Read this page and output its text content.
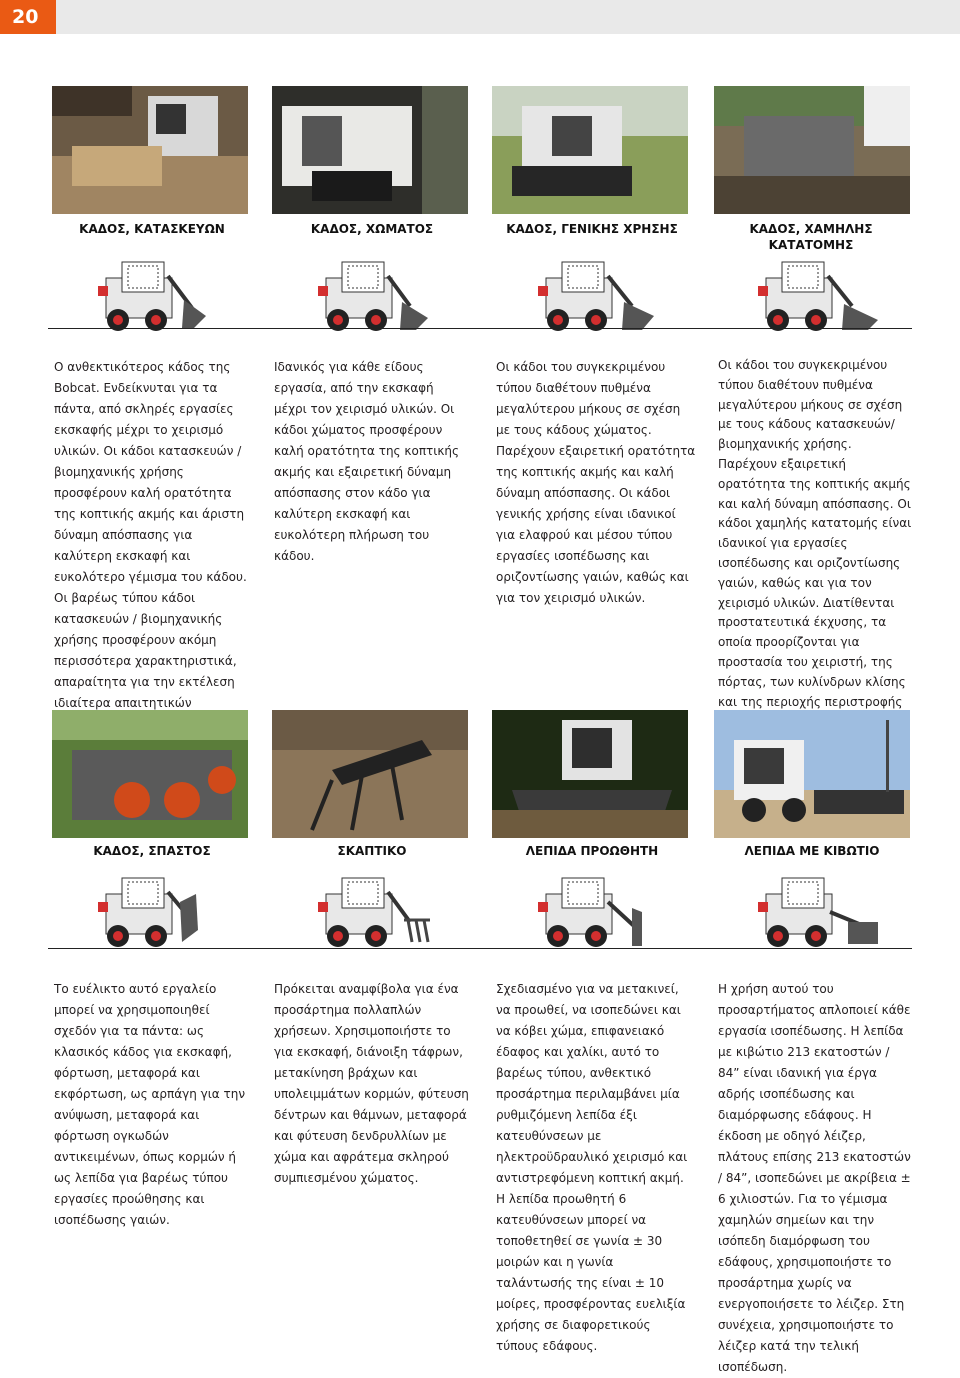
20
ΚΑΔΟΣ, ΚΑΤΑΣΚΕΥΩΝ	ΚΑΔΟΣ, ΧΩΜΑΤΟΣ	ΚΑΔΟΣ, ΓΕΝΙΚΗΣ ΧΡΗΣΗΣ	ΚΑΔΟΣ, ΧΑΜΗΛΗΣ ΚΑΤΑΤΟΜΗΣ
Ο ανθεκτικότερος κάδος της Bobcat. Ενδείκνυται για τα πάντα, από σκληρές εργασίες εκσκαφής μέχρι το χειρισμό υλικών. Οι κάδοι κατασκευών / βιομηχανικής χρήσης προσφέρουν καλή ορατότητα της κοπτικής ακμής και άριστη δύναμη απόσπασης για καλύτερη εκσκαφή και ευκολότερο γέμισμα του κάδου. Οι βαρέως τύπου κάδοι κατασκευών / βιομηχανικής χρήσης προσφέρουν ακόμη περισσότερα χαρακτηριστικά, απαραίτητα για την εκτέλεση ιδιαίτερα απαιτητικών
Ιδανικός για κάθε είδους εργασία, από την εκσκαφή μέχρι τον χειρισμό υλικών. Οι κάδοι χώματος προσφέρουν καλή ορατότητα της κοπτικής ακμής και εξαιρετική δύναμη απόσπασης στον κάδο για καλύτερη εκσκαφή και ευκολότερη πλήρωση του κάδου.
Οι κάδοι του συγκεκριμένου τύπου διαθέτουν πυθμένα μεγαλύτερου μήκους σε σχέση με τους κάδους χώματος. Παρέχουν εξαιρετική ορατότητα της κοπτικής ακμής και καλή δύναμη απόσπασης. Οι κάδοι γενικής χρήσης είναι ιδανικοί για ελαφρού και μέσου τύπου εργασίες ισοπέδωσης και οριζοντίωσης γαιών, καθώς και για τον χειρισμό υλικών.
Οι κάδοι του συγκεκριμένου τύπου διαθέτουν πυθμένα μεγαλύτερου μήκους σε σχέση με τους κάδους κατασκευών/ βιομηχανικής χρήσης. Παρέχουν εξαιρετική ορατότητα της κοπτικής ακμής και καλή δύναμη απόσπασης. Οι κάδοι χαμηλής κατατομής είναι ιδανικοί για εργασίες ισοπέδωσης και οριζοντίωσης γαιών, καθώς και για τον χειρισμό υλικών. Διατίθενται προστατευτικά έκχυσης, τα οποία προορίζονται για προστασία του χειριστή, της πόρτας, των κυλίνδρων κλίσης και της περιοχής περιστροφής
ΚΑΔΟΣ, ΣΠΑΣΤΟΣ	ΣΚΑΠΤΙΚΟ	ΛΕΠΙΔΑ ΠΡΟΩΘΗΤΗ	ΛΕΠΙΔΑ ΜΕ ΚΙΒΩΤΙΟ
Το ευέλικτο αυτό εργαλείο μπορεί να χρησιμοποιηθεί σχεδόν για τα πάντα: ως κλασικός κάδος για εκσκαφή, φόρτωση, μεταφορά και εκφόρτωση, ως αρπάγη για την ανύψωση, μεταφορά και φόρτωση ογκωδών αντικειμένων, όπως κορμών ή ως λεπίδα για βαρέως τύπου εργασίες προώθησης και ισοπέδωσης γαιών.
Πρόκειται αναμφίβολα για ένα προσάρτημα πολλαπλών χρήσεων. Χρησιμοποιήστε το για εκσκαφή, διάνοιξη τάφρων, μετακίνηση βράχων και υπολειμμάτων κορμών, φύτευση δέντρων και θάμνων, μεταφορά και φύτευση δενδρυλλίων με χώμα και αφράτεμα σκληρού συμπιεσμένου χώματος.
Σχεδιασμένο για να μετακινεί, να προωθεί, να ισοπεδώνει και να κόβει χώμα, επιφανειακό έδαφος και χαλίκι, αυτό το βαρέως τύπου, ανθεκτικό προσάρτημα περιλαμβάνει μία ρυθμιζόμενη λεπίδα έξι κατευθύνσεων με ηλεκτροϋδραυλικό χειρισμό και αντιστρεφόμενη κοπτική ακμή. Η λεπίδα προωθητή 6 κατευθύνσεων μπορεί να τοποθετηθεί σε γωνία ± 30 μοιρών και η γωνία ταλάντωσής της είναι ± 10 μοίρες, προσφέροντας ευελιξία χρήσης σε διαφορετικούς τύπους εδάφους.
Η χρήση αυτού του προσαρτήματος απλοποιεί κάθε εργασία ισοπέδωσης. Η λεπίδα με κιβώτιο 213 εκατοστών / 84” είναι ιδανική για έργα αδρής ισοπέδωσης και διαμόρφωσης εδάφους. Η έκδοση με οδηγό λέιζερ, πλάτους επίσης 213 εκατοστών / 84”, ισοπεδώνει με ακρίβεια ± 6 χιλιοστών. Για το γέμισμα χαμηλών σημείων και την ισόπεδη διαμόρφωση του εδάφους, χρησιμοποιήστε το προσάρτημα χωρίς να ενεργοποιήσετε το λέιζερ. Στη συνέχεια, χρησιμοποιήστε το λέιζερ κατά την τελική ισοπέδωση.
